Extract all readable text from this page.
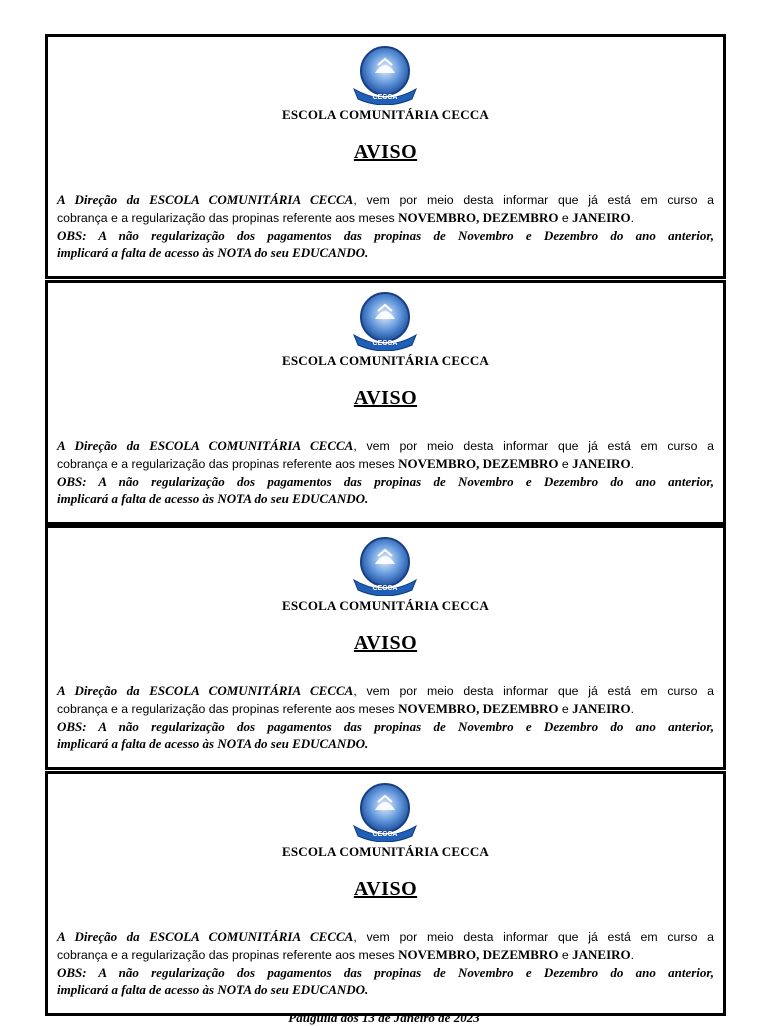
CECCA
ESCOLA COMUNITÁRIA CECCA
AVISO
A Direção da ESCOLA COMUNITÁRIA CECCA, vem por meio desta informar que já está em curso a
cobrança e a regularização das propinas referente aos meses NOVEMBRO, DEZEMBRO e JANEIRO.
OBS: A não regularização dos pagamentos das propinas de Novembro e Dezembro do ano anterior,
implicará a falta de acesso às NOTA do seu EDUCANDO.
CECCA
ESCOLA COMUNITÁRIA CECCA
AVISO
A Direção da ESCOLA COMUNITÁRIA CECCA, vem por meio desta informar que já está em curso a
cobrança e a regularização das propinas referente aos meses NOVEMBRO, DEZEMBRO e JANEIRO.
OBS: A não regularização dos pagamentos das propinas de Novembro e Dezembro do ano anterior,
implicará a falta de acesso às NOTA do seu EDUCANDO.
CECCA
ESCOLA COMUNITÁRIA CECCA
AVISO
A Direção da ESCOLA COMUNITÁRIA CECCA, vem por meio desta informar que já está em curso a
cobrança e a regularização das propinas referente aos meses NOVEMBRO, DEZEMBRO e JANEIRO.
OBS: A não regularização dos pagamentos das propinas de Novembro e Dezembro do ano anterior,
implicará a falta de acesso às NOTA do seu EDUCANDO.
CECCA
ESCOLA COMUNITÁRIA CECCA
AVISO
A Direção da ESCOLA COMUNITÁRIA CECCA, vem por meio desta informar que já está em curso a
cobrança e a regularização das propinas referente aos meses NOVEMBRO, DEZEMBRO e JANEIRO.
OBS: A não regularização dos pagamentos das propinas de Novembro e Dezembro do ano anterior,
implicará a falta de acesso às NOTA do seu EDUCANDO.
Pauguila aos 13 de Janeiro de 2023
